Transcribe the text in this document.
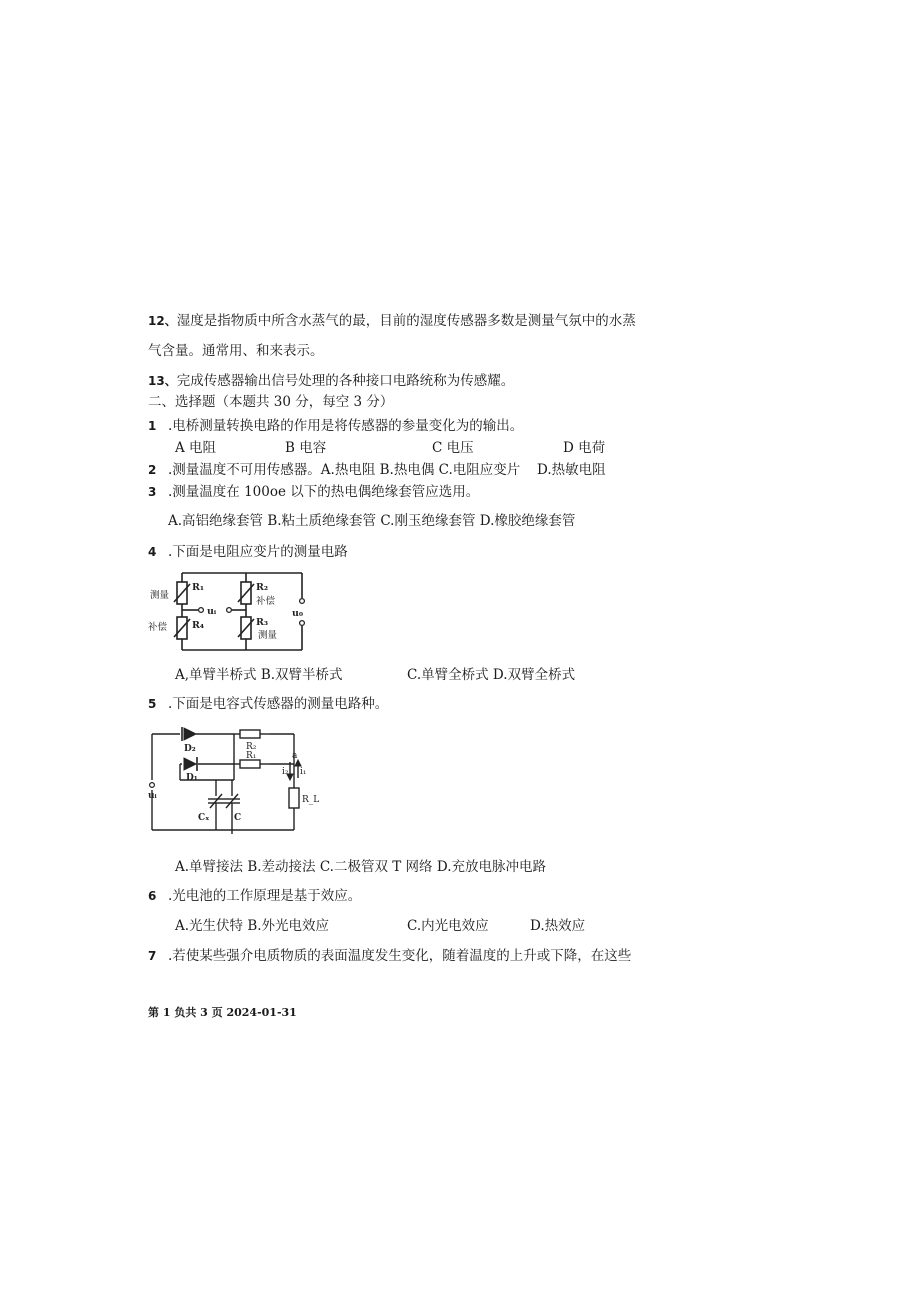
12、湿度是指物质中所含水蒸气的最，目前的湿度传感器多数是测量气氛中的水蒸
气含量。通常用、和来表示。
13、完成传感器输出信号处理的各种接口电路统称为传感耀。
二、选择题（本题共 30 分，每空 3 分）
1 .电桥测量转换电路的作用是将传感器的参量变化为的输出。
A 电阻	B 电容	C 电压	D 电荷
2 .测量温度不可用传感器。A.热电阻 B.热电偶 C.电阻应变片 D.热敏电阻
3 .测量温度在 100oe 以下的热电偶绝缘套管应选用。
A.高铝绝缘套管 B.粘土质绝缘套管 C.刚玉绝缘套管 D.橡胶绝缘套管
4 .下面是电阻应变片的测量电路
测量
补偿
R₁
R₄
R₂
补偿
R₃
测量
uᵢ	u₀
A,单臂半桥式 B.双臂半桥式	C.单臂全桥式 D.双臂全桥式
5 .下面是电容式传感器的测量电路种。
D₂
D₁
R₂
R₁
uᵢ
Cₓ	C
R_L
a
i₂ i₁
A.单臂接法 B.差动接法 C.二极管双 T 网络 D.充放电脉冲电路
6 .光电池的工作原理是基于效应。
A.光生伏特 B.外光电效应	C.内光电效应	D.热效应
7 .若使某些强介电质物质的表面温度发生变化，随着温度的上升或下降，在这些
第 1 负共 3 页 2024-01-31
